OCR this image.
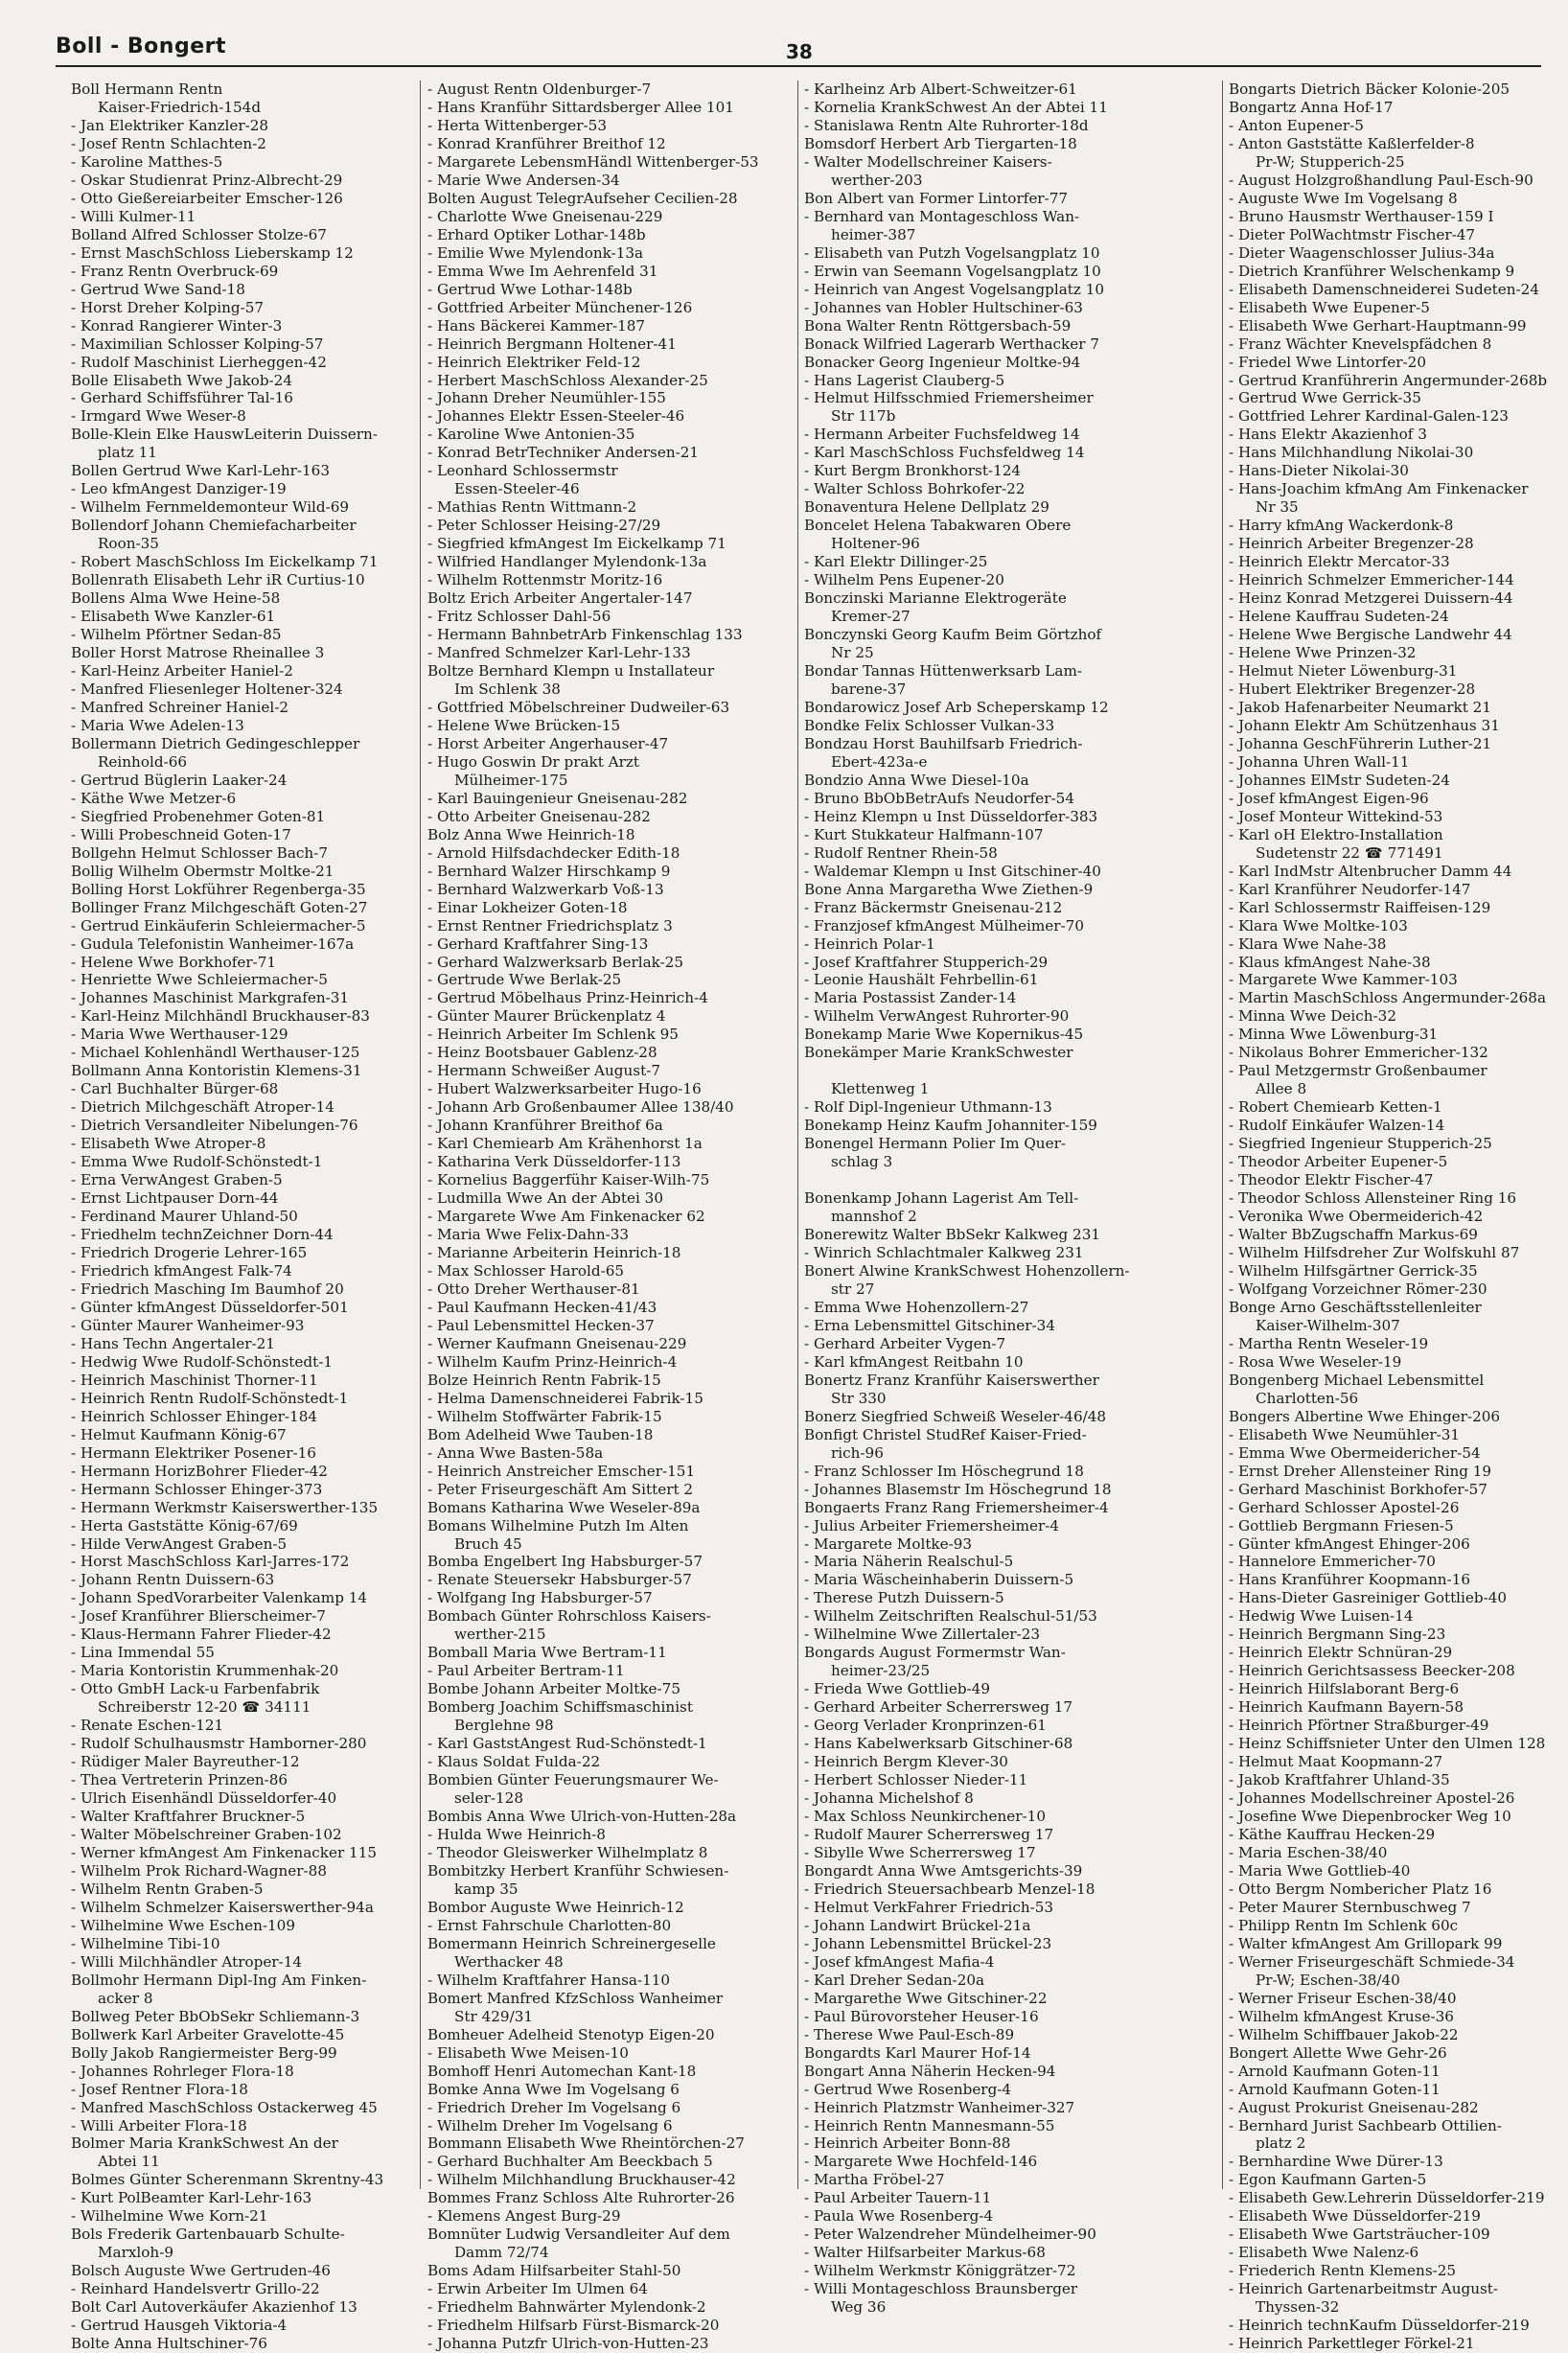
Boll - Bongert	38
Boll Hermann Rentn
Kaiser-Friedrich-154d
- Jan Elektriker Kanzler-28
- Josef Rentn Schlachten-2
- Karoline Matthes-5
- Oskar Studienrat Prinz-Albrecht-29
- Otto Gießereiarbeiter Emscher-126
- Willi Kulmer-11
Bolland Alfred Schlosser Stolze-67
- Ernst MaschSchloss Lieberskamp 12
- Franz Rentn Overbruck-69
- Gertrud Wwe Sand-18
- Horst Dreher Kolping-57
- Konrad Rangierer Winter-3
- Maximilian Schlosser Kolping-57
- Rudolf Maschinist Lierheggen-42
Bolle Elisabeth Wwe Jakob-24
- Gerhard Schiffsführer Tal-16
- Irmgard Wwe Weser-8
Bolle-Klein Elke HauswLeiterin Duissern-
platz 11
Bollen Gertrud Wwe Karl-Lehr-163
- Leo kfmAngest Danziger-19
- Wilhelm Fernmeldemonteur Wild-69
Bollendorf Johann Chemiefacharbeiter
Roon-35
- Robert MaschSchloss Im Eickelkamp 71
Bollenrath Elisabeth Lehr iR Curtius-10
Bollens Alma Wwe Heine-58
- Elisabeth Wwe Kanzler-61
- Wilhelm Pförtner Sedan-85
Boller Horst Matrose Rheinallee 3
- Karl-Heinz Arbeiter Haniel-2
- Manfred Fliesenleger Holtener-324
- Manfred Schreiner Haniel-2
- Maria Wwe Adelen-13
Bollermann Dietrich Gedingeschlepper
Reinhold-66
- Gertrud Büglerin Laaker-24
- Käthe Wwe Metzer-6
- Siegfried Probenehmer Goten-81
- Willi Probeschneid Goten-17
Bollgehn Helmut Schlosser Bach-7
Bollig Wilhelm Obermstr Moltke-21
Bolling Horst Lokführer Regenberga-35
Bollinger Franz Milchgeschäft Goten-27
- Gertrud Einkäuferin Schleiermacher-5
- Gudula Telefonistin Wanheimer-167a
- Helene Wwe Borkhofer-71
- Henriette Wwe Schleiermacher-5
- Johannes Maschinist Markgrafen-31
- Karl-Heinz Milchhändl Bruckhauser-83
- Maria Wwe Werthauser-129
- Michael Kohlenhändl Werthauser-125
Bollmann Anna Kontoristin Klemens-31
- Carl Buchhalter Bürger-68
- Dietrich Milchgeschäft Atroper-14
- Dietrich Versandleiter Nibelungen-76
- Elisabeth Wwe Atroper-8
- Emma Wwe Rudolf-Schönstedt-1
- Erna VerwAngest Graben-5
- Ernst Lichtpauser Dorn-44
- Ferdinand Maurer Uhland-50
- Friedhelm technZeichner Dorn-44
- Friedrich Drogerie Lehrer-165
- Friedrich kfmAngest Falk-74
- Friedrich Masching Im Baumhof 20
- Günter kfmAngest Düsseldorfer-501
- Günter Maurer Wanheimer-93
- Hans Techn Angertaler-21
- Hedwig Wwe Rudolf-Schönstedt-1
- Heinrich Maschinist Thorner-11
- Heinrich Rentn Rudolf-Schönstedt-1
- Heinrich Schlosser Ehinger-184
- Helmut Kaufmann König-67
- Hermann Elektriker Posener-16
- Hermann HorizBohrer Flieder-42
- Hermann Schlosser Ehinger-373
- Hermann Werkmstr Kaiserswerther-135
- Herta Gaststätte König-67/69
- Hilde VerwAngest Graben-5
- Horst MaschSchloss Karl-Jarres-172
- Johann Rentn Duissern-63
- Johann SpedVorarbeiter Valenkamp 14
- Josef Kranführer Blierscheimer-7
- Klaus-Hermann Fahrer Flieder-42
- Lina Immendal 55
- Maria Kontoristin Krummenhak-20
- Otto GmbH Lack-u Farbenfabrik
Schreiberstr 12-20 ☎ 34111
- Renate Eschen-121
- Rudolf Schulhausmstr Hamborner-280
- Rüdiger Maler Bayreuther-12
- Thea Vertreterin Prinzen-86
- Ulrich Eisenhändl Düsseldorfer-40
- Walter Kraftfahrer Bruckner-5
- Walter Möbelschreiner Graben-102
- Werner kfmAngest Am Finkenacker 115
- Wilhelm Prok Richard-Wagner-88
- Wilhelm Rentn Graben-5
- Wilhelm Schmelzer Kaiserswerther-94a
- Wilhelmine Wwe Eschen-109
- Wilhelmine Tibi-10
- Willi Milchhändler Atroper-14
Bollmohr Hermann Dipl-Ing Am Finken-
acker 8
Bollweg Peter BbObSekr Schliemann-3
Bollwerk Karl Arbeiter Gravelotte-45
Bolly Jakob Rangiermeister Berg-99
- Johannes Rohrleger Flora-18
- Josef Rentner Flora-18
- Manfred MaschSchloss Ostackerweg 45
- Willi Arbeiter Flora-18
Bolmer Maria KrankSchwest An der
Abtei 11
Bolmes Günter Scherenmann Skrentny-43
- Kurt PolBeamter Karl-Lehr-163
- Wilhelmine Wwe Korn-21
Bols Frederik Gartenbauarb Schulte-
Marxloh-9
Bolsch Auguste Wwe Gertruden-46
- Reinhard Handelsvertr Grillo-22
Bolt Carl Autoverkäufer Akazienhof 13
- Gertrud Hausgeh Viktoria-4
Bolte Anna Hultschiner-76
- August Rentn Oldenburger-7
- Hans Kranführ Sittardsberger Allee 101
- Herta Wittenberger-53
- Konrad Kranführer Breithof 12
- Margarete LebensmHändl Wittenberger-53
- Marie Wwe Andersen-34
Bolten August TelegrAufseher Cecilien-28
- Charlotte Wwe Gneisenau-229
- Erhard Optiker Lothar-148b
- Emilie Wwe Mylendonk-13a
- Emma Wwe Im Aehrenfeld 31
- Gertrud Wwe Lothar-148b
- Gottfried Arbeiter Münchener-126
- Hans Bäckerei Kammer-187
- Heinrich Bergmann Holtener-41
- Heinrich Elektriker Feld-12
- Herbert MaschSchloss Alexander-25
- Johann Dreher Neumühler-155
- Johannes Elektr Essen-Steeler-46
- Karoline Wwe Antonien-35
- Konrad BetrTechniker Andersen-21
- Leonhard Schlossermstr
Essen-Steeler-46
- Mathias Rentn Wittmann-2
- Peter Schlosser Heising-27/29
- Siegfried kfmAngest Im Eickelkamp 71
- Wilfried Handlanger Mylendonk-13a
- Wilhelm Rottenmstr Moritz-16
Boltz Erich Arbeiter Angertaler-147
- Fritz Schlosser Dahl-56
- Hermann BahnbetrArb Finkenschlag 133
- Manfred Schmelzer Karl-Lehr-133
Boltze Bernhard Klempn u Installateur
Im Schlenk 38
- Gottfried Möbelschreiner Dudweiler-63
- Helene Wwe Brücken-15
- Horst Arbeiter Angerhauser-47
- Hugo Goswin Dr prakt Arzt
Mülheimer-175
- Karl Bauingenieur Gneisenau-282
- Otto Arbeiter Gneisenau-282
Bolz Anna Wwe Heinrich-18
- Arnold Hilfsdachdecker Edith-18
- Bernhard Walzer Hirschkamp 9
- Bernhard Walzwerkarb Voß-13
- Einar Lokheizer Goten-18
- Ernst Rentner Friedrichsplatz 3
- Gerhard Kraftfahrer Sing-13
- Gerhard Walzwerksarb Berlak-25
- Gertrude Wwe Berlak-25
- Gertrud Möbelhaus Prinz-Heinrich-4
- Günter Maurer Brückenplatz 4
- Heinrich Arbeiter Im Schlenk 95
- Heinz Bootsbauer Gablenz-28
- Hermann Schweißer August-7
- Hubert Walzwerksarbeiter Hugo-16
- Johann Arb Großenbaumer Allee 138/40
- Johann Kranführer Breithof 6a
- Karl Chemiearb Am Krähenhorst 1a
- Katharina Verk Düsseldorfer-113
- Kornelius Baggerführ Kaiser-Wilh-75
- Ludmilla Wwe An der Abtei 30
- Margarete Wwe Am Finkenacker 62
- Maria Wwe Felix-Dahn-33
- Marianne Arbeiterin Heinrich-18
- Max Schlosser Harold-65
- Otto Dreher Werthauser-81
- Paul Kaufmann Hecken-41/43
- Paul Lebensmittel Hecken-37
- Werner Kaufmann Gneisenau-229
- Wilhelm Kaufm Prinz-Heinrich-4
Bolze Heinrich Rentn Fabrik-15
- Helma Damenschneiderei Fabrik-15
- Wilhelm Stoffwärter Fabrik-15
Bom Adelheid Wwe Tauben-18
- Anna Wwe Basten-58a
- Heinrich Anstreicher Emscher-151
- Peter Friseurgeschäft Am Sittert 2
Bomans Katharina Wwe Weseler-89a
Bomans Wilhelmine Putzh Im Alten
Bruch 45
Bomba Engelbert Ing Habsburger-57
- Renate Steuersekr Habsburger-57
- Wolfgang Ing Habsburger-57
Bombach Günter Rohrschloss Kaisers-
werther-215
Bomball Maria Wwe Bertram-11
- Paul Arbeiter Bertram-11
Bombe Johann Arbeiter Moltke-75
Bomberg Joachim Schiffsmaschinist
Berglehne 98
- Karl GaststAngest Rud-Schönstedt-1
- Klaus Soldat Fulda-22
Bombien Günter Feuerungsmaurer We-
seler-128
Bombis Anna Wwe Ulrich-von-Hutten-28a
- Hulda Wwe Heinrich-8
- Theodor Gleiswerker Wilhelmplatz 8
Bombitzky Herbert Kranführ Schwiesen-
kamp 35
Bombor Auguste Wwe Heinrich-12
- Ernst Fahrschule Charlotten-80
Bomermann Heinrich Schreinergeselle
Werthacker 48
- Wilhelm Kraftfahrer Hansa-110
Bomert Manfred KfzSchloss Wanheimer
Str 429/31
Bomheuer Adelheid Stenotyp Eigen-20
- Elisabeth Wwe Meisen-10
Bomhoff Henri Automechan Kant-18
Bomke Anna Wwe Im Vogelsang 6
- Friedrich Dreher Im Vogelsang 6
- Wilhelm Dreher Im Vogelsang 6
Bommann Elisabeth Wwe Rheintörchen-27
- Gerhard Buchhalter Am Beeckbach 5
- Wilhelm Milchhandlung Bruckhauser-42
Bommes Franz Schloss Alte Ruhrorter-26
- Klemens Angest Burg-29
Bomnüter Ludwig Versandleiter Auf dem
Damm 72/74
Boms Adam Hilfsarbeiter Stahl-50
- Erwin Arbeiter Im Ulmen 64
- Friedhelm Bahnwärter Mylendonk-2
- Friedhelm Hilfsarb Fürst-Bismarck-20
- Johanna Putzfr Ulrich-von-Hutten-23
- Karlheinz Arb Albert-Schweitzer-61
- Kornelia KrankSchwest An der Abtei 11
- Stanislawa Rentn Alte Ruhrorter-18d
Bomsdorf Herbert Arb Tiergarten-18
- Walter Modellschreiner Kaisers-
werther-203
Bon Albert van Former Lintorfer-77
- Bernhard van Montageschloss Wan-
heimer-387
- Elisabeth van Putzh Vogelsangplatz 10
- Erwin van Seemann Vogelsangplatz 10
- Heinrich van Angest Vogelsangplatz 10
- Johannes van Hobler Hultschiner-63
Bona Walter Rentn Röttgersbach-59
Bonack Wilfried Lagerarb Werthacker 7
Bonacker Georg Ingenieur Moltke-94
- Hans Lagerist Clauberg-5
- Helmut Hilfsschmied Friemersheimer
Str 117b
- Hermann Arbeiter Fuchsfeldweg 14
- Karl MaschSchloss Fuchsfeldweg 14
- Kurt Bergm Bronkhorst-124
- Walter Schloss Bohrkofer-22
Bonaventura Helene Dellplatz 29
Boncelet Helena Tabakwaren Obere
Holtener-96
- Karl Elektr Dillinger-25
- Wilhelm Pens Eupener-20
Bonczinski Marianne Elektrogeräte
Kremer-27
Bonczynski Georg Kaufm Beim Görtzhof
Nr 25
Bondar Tannas Hüttenwerksarb Lam-
barene-37
Bondarowicz Josef Arb Scheperskamp 12
Bondke Felix Schlosser Vulkan-33
Bondzau Horst Bauhilfsarb Friedrich-
Ebert-423a-e
Bondzio Anna Wwe Diesel-10a
- Bruno BbObBetrAufs Neudorfer-54
- Heinz Klempn u Inst Düsseldorfer-383
- Kurt Stukkateur Halfmann-107
- Rudolf Rentner Rhein-58
- Waldemar Klempn u Inst Gitschiner-40
Bone Anna Margaretha Wwe Ziethen-9
- Franz Bäckermstr Gneisenau-212
- Franzjosef kfmAngest Mülheimer-70
- Heinrich Polar-1
- Josef Kraftfahrer Stupperich-29
- Leonie Haushält Fehrbellin-61
- Maria Postassist Zander-14
- Wilhelm VerwAngest Ruhrorter-90
Bonekamp Marie Wwe Kopernikus-45
Bonekämper Marie KrankSchwester

Klettenweg 1
- Rolf Dipl-Ingenieur Uthmann-13
Bonekamp Heinz Kaufm Johanniter-159
Bonengel Hermann Polier Im Quer-
schlag 3

Bonenkamp Johann Lagerist Am Tell-
mannshof 2
Bonerewitz Walter BbSekr Kalkweg 231
- Winrich Schlachtmaler Kalkweg 231
Bonert Alwine KrankSchwest Hohenzollern-
str 27
- Emma Wwe Hohenzollern-27
- Erna Lebensmittel Gitschiner-34
- Gerhard Arbeiter Vygen-7
- Karl kfmAngest Reitbahn 10
Bonertz Franz Kranführ Kaiserswerther
Str 330
Bonerz Siegfried Schweiß Weseler-46/48
Bonfigt Christel StudRef Kaiser-Fried-
rich-96
- Franz Schlosser Im Höschegrund 18
- Johannes Blasemstr Im Höschegrund 18
Bongaerts Franz Rang Friemersheimer-4
- Julius Arbeiter Friemersheimer-4
- Margarete Moltke-93
- Maria Näherin Realschul-5
- Maria Wäscheinhaberin Duissern-5
- Therese Putzh Duissern-5
- Wilhelm Zeitschriften Realschul-51/53
- Wilhelmine Wwe Zillertaler-23
Bongards August Formermstr Wan-
heimer-23/25
- Frieda Wwe Gottlieb-49
- Gerhard Arbeiter Scherrersweg 17
- Georg Verlader Kronprinzen-61
- Hans Kabelwerksarb Gitschiner-68
- Heinrich Bergm Klever-30
- Herbert Schlosser Nieder-11
- Johanna Michelshof 8
- Max Schloss Neunkirchener-10
- Rudolf Maurer Scherrersweg 17
- Sibylle Wwe Scherrersweg 17
Bongardt Anna Wwe Amtsgerichts-39
- Friedrich Steuersachbearb Menzel-18
- Helmut VerkFahrer Friedrich-53
- Johann Landwirt Brückel-21a
- Johann Lebensmittel Brückel-23
- Josef kfmAngest Mafia-4
- Karl Dreher Sedan-20a
- Margarethe Wwe Gitschiner-22
- Paul Bürovorsteher Heuser-16
- Therese Wwe Paul-Esch-89
Bongardts Karl Maurer Hof-14
Bongart Anna Näherin Hecken-94
- Gertrud Wwe Rosenberg-4
- Heinrich Platzmstr Wanheimer-327
- Heinrich Rentn Mannesmann-55
- Heinrich Arbeiter Bonn-88
- Margarete Wwe Hochfeld-146
- Martha Fröbel-27
- Paul Arbeiter Tauern-11
- Paula Wwe Rosenberg-4
- Peter Walzendreher Mündelheimer-90
- Walter Hilfsarbeiter Markus-68
- Wilhelm Werkmstr Königgrätzer-72
- Willi Montageschloss Braunsberger
Weg 36
Bongarts Dietrich Bäcker Kolonie-205
Bongartz Anna Hof-17
- Anton Eupener-5
- Anton Gaststätte Kaßlerfelder-8
Pr-W; Stupperich-25
- August Holzgroßhandlung Paul-Esch-90
- Auguste Wwe Im Vogelsang 8
- Bruno Hausmstr Werthauser-159 I
- Dieter PolWachtmstr Fischer-47
- Dieter Waagenschlosser Julius-34a
- Dietrich Kranführer Welschenkamp 9
- Elisabeth Damenschneiderei Sudeten-24
- Elisabeth Wwe Eupener-5
- Elisabeth Wwe Gerhart-Hauptmann-99
- Franz Wächter Knevelspfädchen 8
- Friedel Wwe Lintorfer-20
- Gertrud Kranführerin Angermunder-268b
- Gertrud Wwe Gerrick-35
- Gottfried Lehrer Kardinal-Galen-123
- Hans Elektr Akazienhof 3
- Hans Milchhandlung Nikolai-30
- Hans-Dieter Nikolai-30
- Hans-Joachim kfmAng Am Finkenacker
Nr 35
- Harry kfmAng Wackerdonk-8
- Heinrich Arbeiter Bregenzer-28
- Heinrich Elektr Mercator-33
- Heinrich Schmelzer Emmericher-144
- Heinz Konrad Metzgerei Duissern-44
- Helene Kauffrau Sudeten-24
- Helene Wwe Bergische Landwehr 44
- Helene Wwe Prinzen-32
- Helmut Nieter Löwenburg-31
- Hubert Elektriker Bregenzer-28
- Jakob Hafenarbeiter Neumarkt 21
- Johann Elektr Am Schützenhaus 31
- Johanna GeschFührerin Luther-21
- Johanna Uhren Wall-11
- Johannes ElMstr Sudeten-24
- Josef kfmAngest Eigen-96
- Josef Monteur Wittekind-53
- Karl oH Elektro-Installation
Sudetenstr 22 ☎ 771491
- Karl IndMstr Altenbrucher Damm 44
- Karl Kranführer Neudorfer-147
- Karl Schlossermstr Raiffeisen-129
- Klara Wwe Moltke-103
- Klara Wwe Nahe-38
- Klaus kfmAngest Nahe-38
- Margarete Wwe Kammer-103
- Martin MaschSchloss Angermunder-268a
- Minna Wwe Deich-32
- Minna Wwe Löwenburg-31
- Nikolaus Bohrer Emmericher-132
- Paul Metzgermstr Großenbaumer
Allee 8
- Robert Chemiearb Ketten-1
- Rudolf Einkäufer Walzen-14
- Siegfried Ingenieur Stupperich-25
- Theodor Arbeiter Eupener-5
- Theodor Elektr Fischer-47
- Theodor Schloss Allensteiner Ring 16
- Veronika Wwe Obermeiderich-42
- Walter BbZugschaffn Markus-69
- Wilhelm Hilfsdreher Zur Wolfskuhl 87
- Wilhelm Hilfsgärtner Gerrick-35
- Wolfgang Vorzeichner Römer-230
Bonge Arno Geschäftsstellenleiter
Kaiser-Wilhelm-307
- Martha Rentn Weseler-19
- Rosa Wwe Weseler-19
Bongenberg Michael Lebensmittel
Charlotten-56
Bongers Albertine Wwe Ehinger-206
- Elisabeth Wwe Neumühler-31
- Emma Wwe Obermeidericher-54
- Ernst Dreher Allensteiner Ring 19
- Gerhard Maschinist Borkhofer-57
- Gerhard Schlosser Apostel-26
- Gottlieb Bergmann Friesen-5
- Günter kfmAngest Ehinger-206
- Hannelore Emmericher-70
- Hans Kranführer Koopmann-16
- Hans-Dieter Gasreiniger Gottlieb-40
- Hedwig Wwe Luisen-14
- Heinrich Bergmann Sing-23
- Heinrich Elektr Schnüran-29
- Heinrich Gerichtsassess Beecker-208
- Heinrich Hilfslaborant Berg-6
- Heinrich Kaufmann Bayern-58
- Heinrich Pförtner Straßburger-49
- Heinz Schiffsnieter Unter den Ulmen 128
- Helmut Maat Koopmann-27
- Jakob Kraftfahrer Uhland-35
- Johannes Modellschreiner Apostel-26
- Josefine Wwe Diepenbrocker Weg 10
- Käthe Kauffrau Hecken-29
- Maria Eschen-38/40
- Maria Wwe Gottlieb-40
- Otto Bergm Nombericher Platz 16
- Peter Maurer Sternbuschweg 7
- Philipp Rentn Im Schlenk 60c
- Walter kfmAngest Am Grillopark 99
- Werner Friseurgeschäft Schmiede-34
Pr-W; Eschen-38/40
- Werner Friseur Eschen-38/40
- Wilhelm kfmAngest Kruse-36
- Wilhelm Schiffbauer Jakob-22
Bongert Allette Wwe Gehr-26
- Arnold Kaufmann Goten-11
- Arnold Kaufmann Goten-11
- August Prokurist Gneisenau-282
- Bernhard Jurist Sachbearb Ottilien-
platz 2
- Bernhardine Wwe Dürer-13
- Egon Kaufmann Garten-5
- Elisabeth Gew.Lehrerin Düsseldorfer-219
- Elisabeth Wwe Düsseldorfer-219
- Elisabeth Wwe Gartsträucher-109
- Elisabeth Wwe Nalenz-6
- Friederich Rentn Klemens-25
- Heinrich Gartenarbeitmstr August-
Thyssen-32
- Heinrich technKaufm Düsseldorfer-219
- Heinrich Parkettleger Förkel-21
